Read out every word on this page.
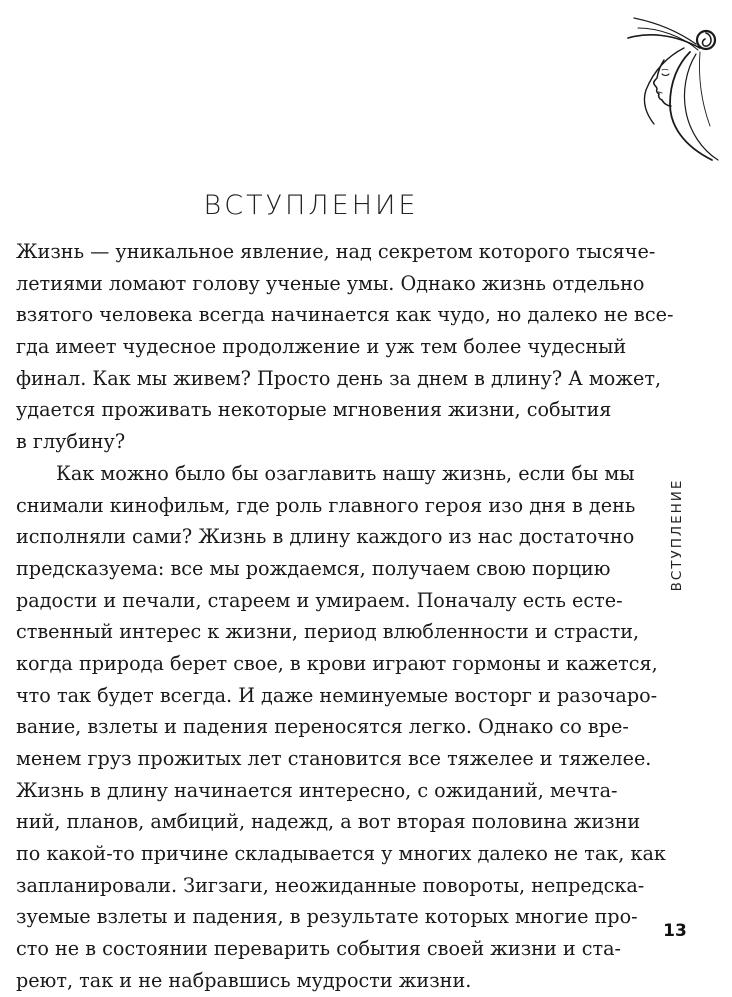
ВСТУПЛЕНИЕ
Жизнь — уникальное явление, над секретом которого тысяче-
летиями ломают голову ученые умы. Однако жизнь отдельно
взятого человека всегда начинается как чудо, но далеко не все-
гда имеет чудесное продолжение и уж тем более чудесный
финал. Как мы живем? Просто день за днем в длину? А может,
удается проживать некоторые мгновения жизни, события
в глубину?
Как можно было бы озаглавить нашу жизнь, если бы мы
снимали кинофильм, где роль главного героя изо дня в день
исполняли сами? Жизнь в длину каждого из нас достаточно
предсказуема: все мы рождаемся, получаем свою порцию
радости и печали, стареем и умираем. Поначалу есть есте-
ственный интерес к жизни, период влюбленности и страсти,
когда природа берет свое, в крови играют гормоны и кажется,
что так будет всегда. И даже неминуемые восторг и разочаро-
вание, взлеты и падения переносятся легко. Однако со вре-
менем груз прожитых лет становится все тяжелее и тяжелее.
Жизнь в длину начинается интересно, с ожиданий, мечта-
ний, планов, амбиций, надежд, а вот вторая половина жизни
по какой-то причине складывается у многих далеко не так, как
запланировали. Зигзаги, неожиданные повороты, непредска-
зуемые взлеты и падения, в результате которых многие про-
сто не в состоянии переварить события своей жизни и ста-
реют, так и не набравшись мудрости жизни.
ВСТУПЛЕНИЕ
13
